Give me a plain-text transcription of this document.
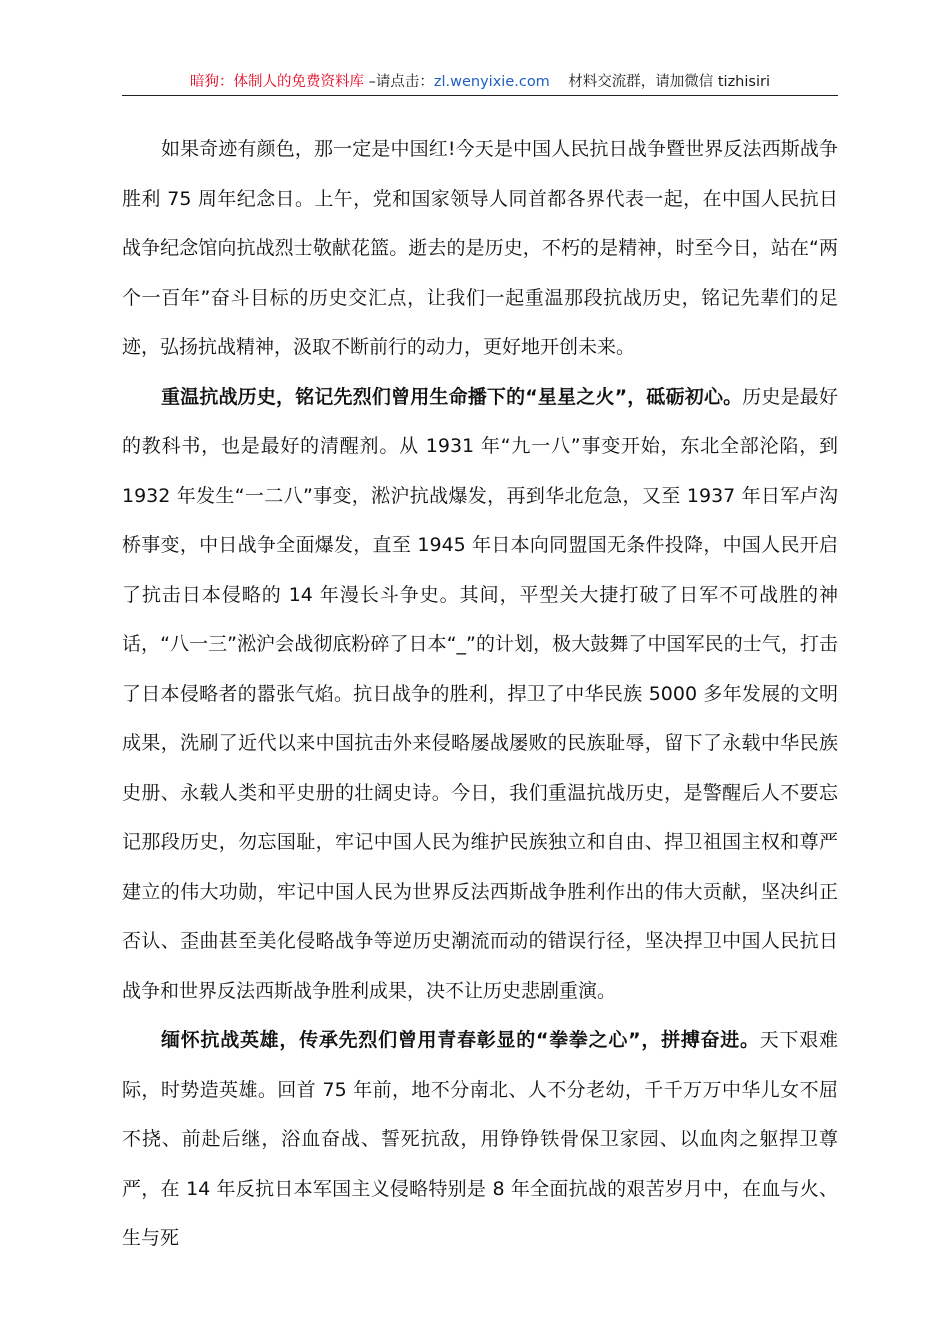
暗狗：体制人的免费资料库 –请点击：zl.wenyixie.com 材料交流群，请加微信 tizhisiri

如果奇迹有颜色，那一定是中国红!今天是中国人民抗日战争暨世界反法西斯战争胜利 75 周年纪念日。上午，党和国家领导人同首都各界代表一起，在中国人民抗日战争纪念馆向抗战烈士敬献花篮。逝去的是历史，不朽的是精神，时至今日，站在“两个一百年”奋斗目标的历史交汇点，让我们一起重温那段抗战历史，铭记先辈们的足迹，弘扬抗战精神，汲取不断前行的动力，更好地开创未来。

重温抗战历史，铭记先烈们曾用生命播下的“星星之火”，砥砺初心。历史是最好的教科书，也是最好的清醒剂。从 1931 年“九一八”事变开始，东北全部沦陷，到 1932 年发生“一二八”事变，淞沪抗战爆发，再到华北危急，又至 1937 年日军卢沟桥事变，中日战争全面爆发，直至 1945 年日本向同盟国无条件投降，中国人民开启了抗击日本侵略的 14 年漫长斗争史。其间，平型关大捷打破了日军不可战胜的神话，“八一三”淞沪会战彻底粉碎了日本“_”的计划，极大鼓舞了中国军民的士气，打击了日本侵略者的嚣张气焰。抗日战争的胜利，捍卫了中华民族 5000 多年发展的文明成果，洗刷了近代以来中国抗击外来侵略屡战屡败的民族耻辱，留下了永载中华民族史册、永载人类和平史册的壮阔史诗。今日，我们重温抗战历史，是警醒后人不要忘记那段历史，勿忘国耻，牢记中国人民为维护民族独立和自由、捍卫祖国主权和尊严建立的伟大功勋，牢记中国人民为世界反法西斯战争胜利作出的伟大贡献，坚决纠正否认、歪曲甚至美化侵略战争等逆历史潮流而动的错误行径，坚决捍卫中国人民抗日战争和世界反法西斯战争胜利成果，决不让历史悲剧重演。

缅怀抗战英雄，传承先烈们曾用青春彰显的“拳拳之心”，拼搏奋进。天下艰难际，时势造英雄。回首 75 年前，地不分南北、人不分老幼，千千万万中华儿女不屈不挠、前赴后继，浴血奋战、誓死抗敌，用铮铮铁骨保卫家园、以血肉之躯捍卫尊严，在 14 年反抗日本军国主义侵略特别是 8 年全面抗战的艰苦岁月中，在血与火、生与死
